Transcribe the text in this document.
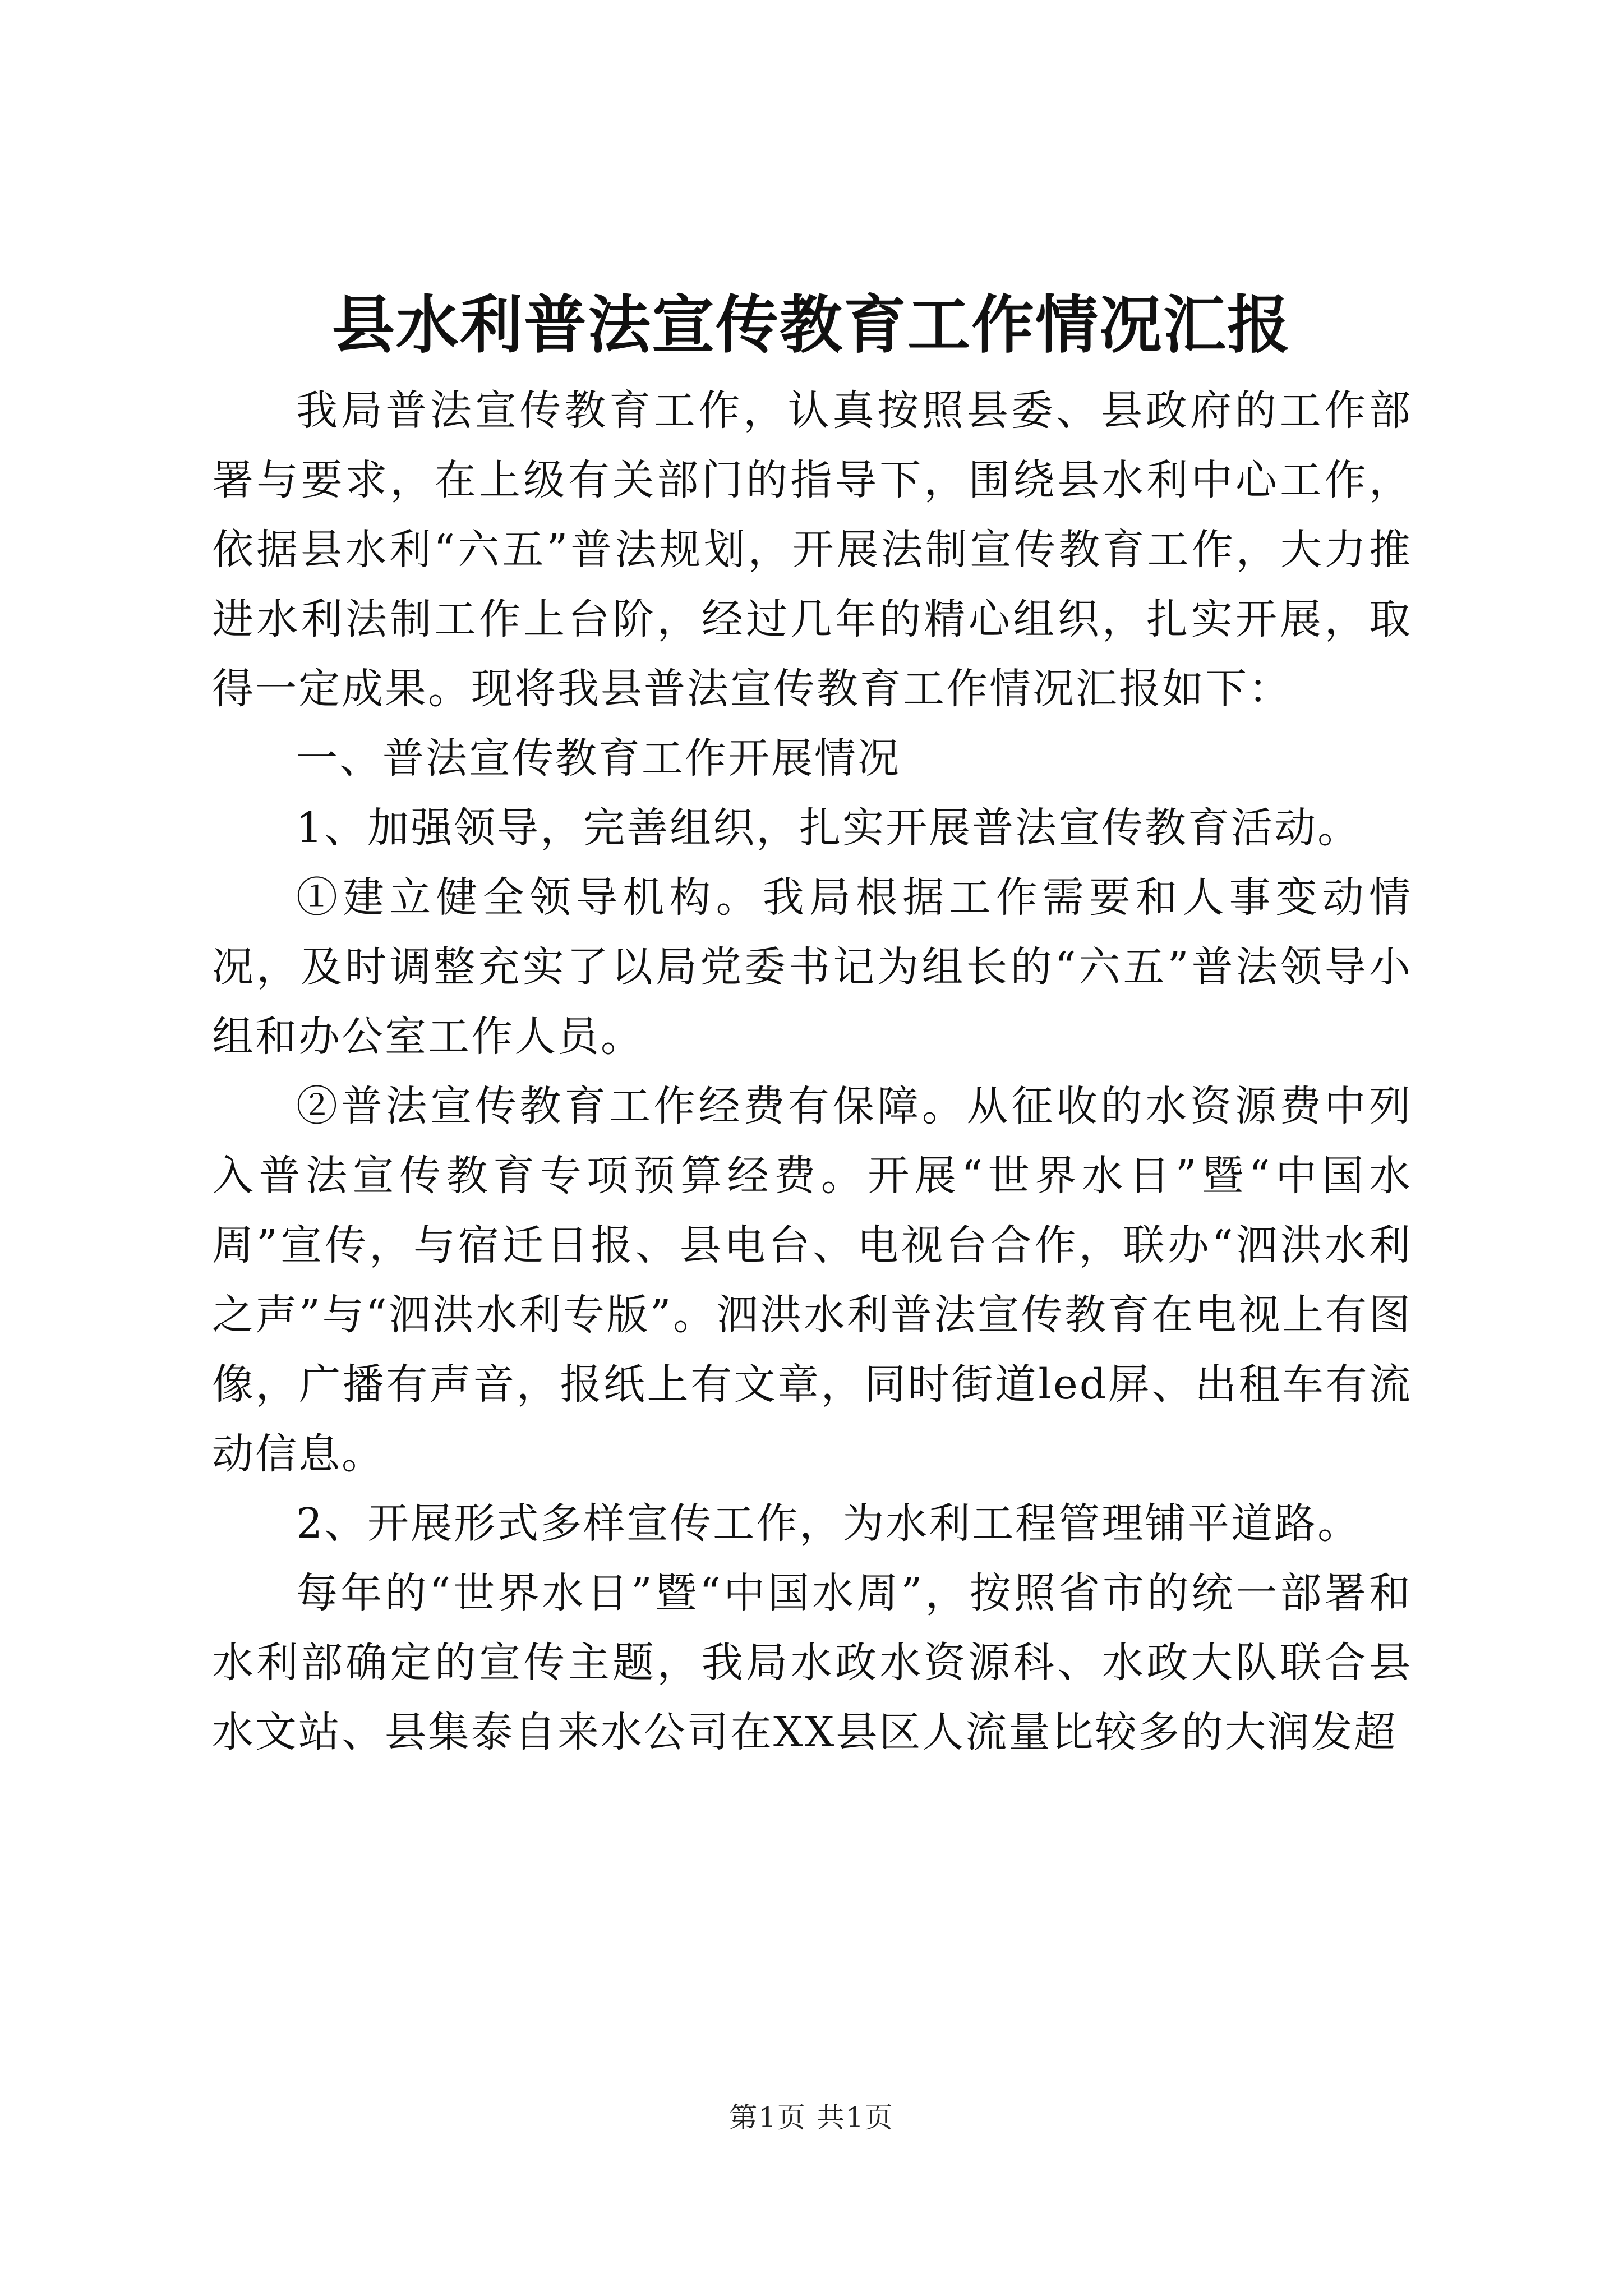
县水利普法宣传教育工作情况汇报

我局普法宣传教育工作，认真按照县委、县政府的工作部署与要求，在上级有关部门的指导下，围绕县水利中心工作，依据县水利“六五”普法规划，开展法制宣传教育工作，大力推进水利法制工作上台阶，经过几年的精心组织，扎实开展，取得一定成果。现将我县普法宣传教育工作情况汇报如下：

一、普法宣传教育工作开展情况

1、加强领导，完善组织，扎实开展普法宣传教育活动。

①建立健全领导机构。我局根据工作需要和人事变动情况，及时调整充实了以局党委书记为组长的“六五”普法领导小组和办公室工作人员。

②普法宣传教育工作经费有保障。从征收的水资源费中列入普法宣传教育专项预算经费。开展“世界水日”暨“中国水周”宣传，与宿迁日报、县电台、电视台合作，联办“泗洪水利之声”与“泗洪水利专版”。泗洪水利普法宣传教育在电视上有图像，广播有声音，报纸上有文章，同时街道led屏、出租车有流动信息。

2、开展形式多样宣传工作，为水利工程管理铺平道路。

每年的“世界水日”暨“中国水周”，按照省市的统一部署和水利部确定的宣传主题，我局水政水资源科、水政大队联合县水文站、县集泰自来水公司在XX县区人流量比较多的大润发超

第1页 共1页
